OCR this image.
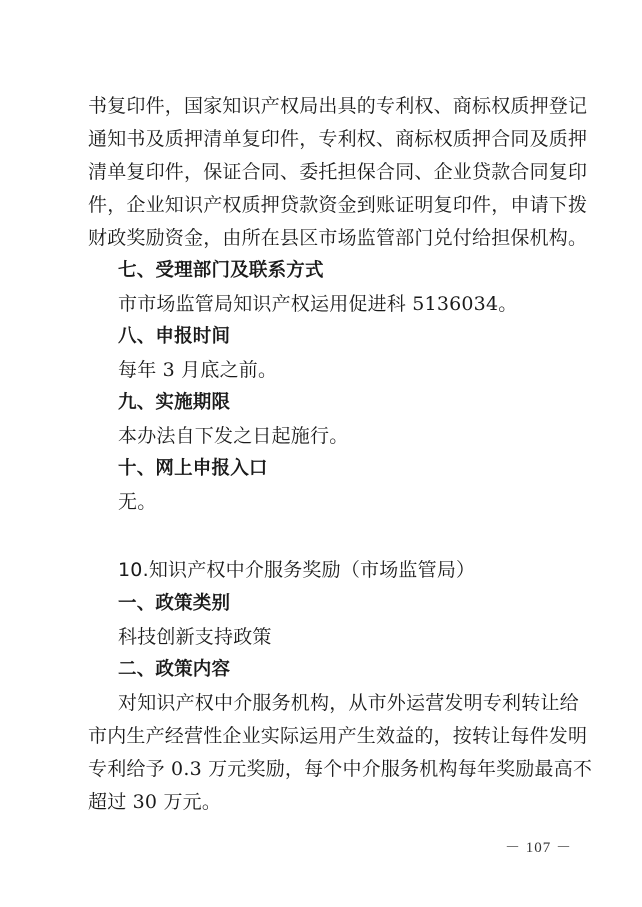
书复印件，国家知识产权局出具的专利权、商标权质押登记
通知书及质押清单复印件，专利权、商标权质押合同及质押
清单复印件，保证合同、委托担保合同、企业贷款合同复印
件，企业知识产权质押贷款资金到账证明复印件，申请下拨
财政奖励资金，由所在县区市场监管部门兑付给担保机构。
七、受理部门及联系方式
市市场监管局知识产权运用促进科 5136034。
八、申报时间
每年 3 月底之前。
九、实施期限
本办法自下发之日起施行。
十、网上申报入口
无。
10.知识产权中介服务奖励（市场监管局）
一、政策类别
科技创新支持政策
二、政策内容
对知识产权中介服务机构，从市外运营发明专利转让给
市内生产经营性企业实际运用产生效益的，按转让每件发明
专利给予 0.3 万元奖励，每个中介服务机构每年奖励最高不
超过 30 万元。
－ 107 －
